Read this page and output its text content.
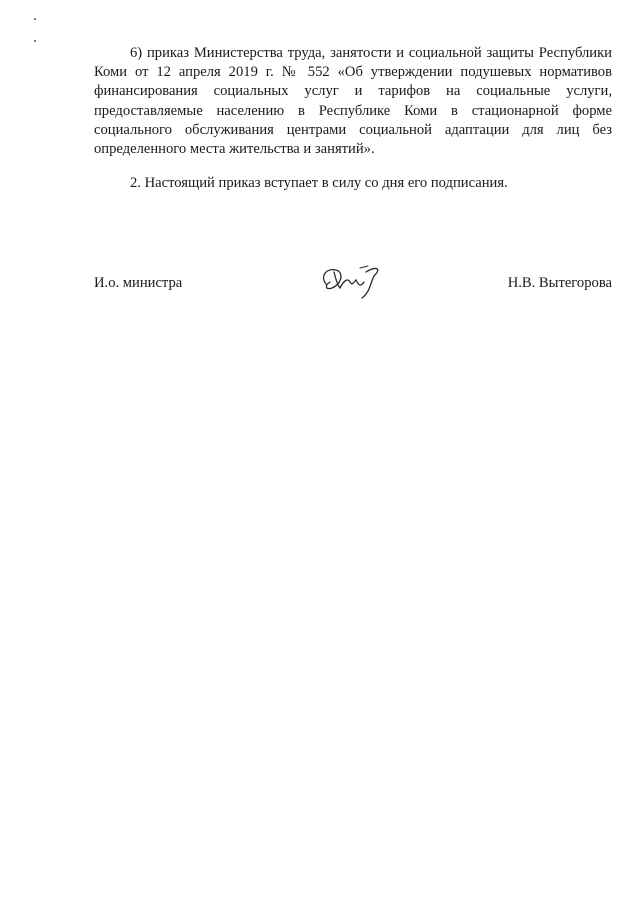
6) приказ Министерства труда, занятости и социальной защиты Республики Коми от 12 апреля 2019 г. № 552 «Об утверждении подушевых нормативов финансирования социальных услуг и тарифов на социальные услуги, предоставляемые населению в Республике Коми в стационарной форме социального обслуживания центрами социальной адаптации для лиц без определенного места жительства и занятий».

2. Настоящий приказ вступает в силу со дня его подписания.

И.о. министра	Н.В. Вытегорова
